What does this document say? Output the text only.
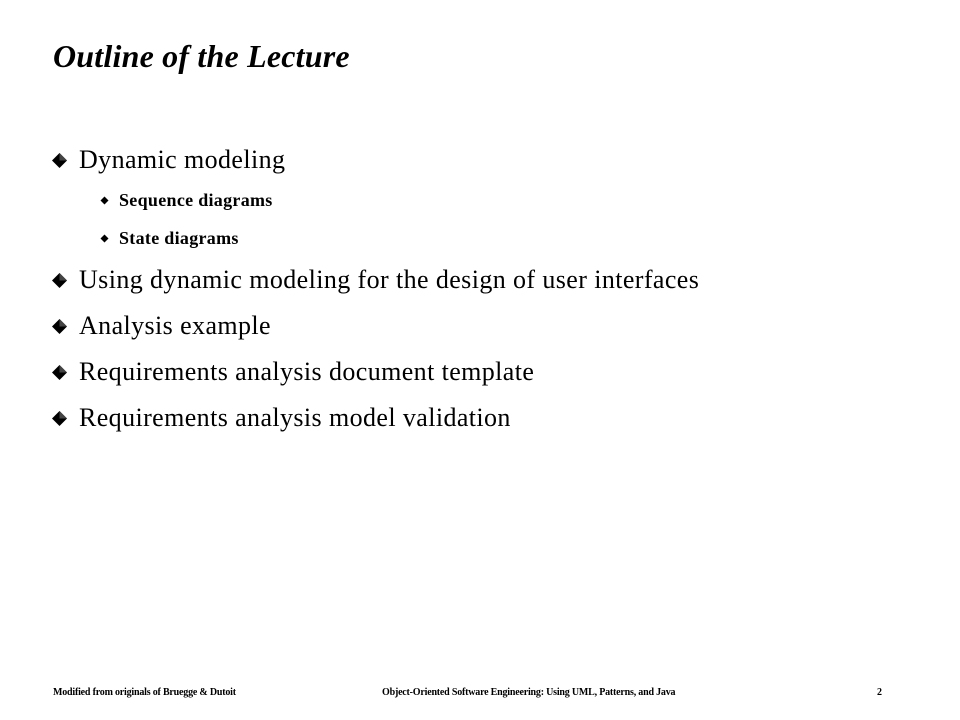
Outline of the Lecture
Dynamic modeling
Sequence diagrams
State diagrams
Using dynamic modeling for the design of user interfaces
Analysis example
Requirements analysis document template
Requirements analysis model validation
Modified from originals of Bruegge & Dutoit	Object-Oriented Software Engineering: Using UML, Patterns, and Java	2
